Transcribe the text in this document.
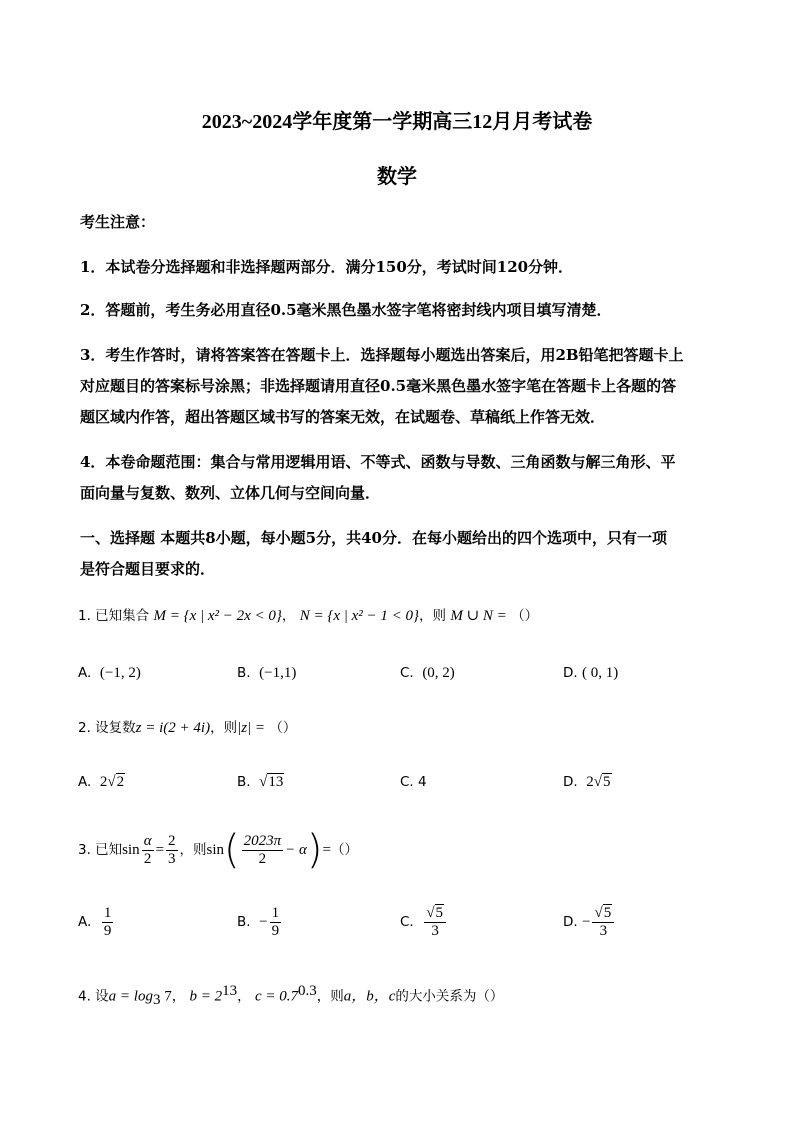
2023~2024学年度第一学期高三12月月考试卷
数学
考生注意：
1．本试卷分选择题和非选择题两部分．满分150分，考试时间120分钟．
2．答题前，考生务必用直径0.5毫米黑色墨水签字笔将密封线内项目填写清楚．
3．考生作答时，请将答案答在答题卡上．选择题每小题选出答案后，用2B铅笔把答题卡上
对应题目的答案标号涂黑；非选择题请用直径0.5毫米黑色墨水签字笔在答题卡上各题的答
题区域内作答，超出答题区域书写的答案无效，在试题卷、草稿纸上作答无效．
4．本卷命题范围：集合与常用逻辑用语、不等式、函数与导数、三角函数与解三角形、平
面向量与复数、数列、立体几何与空间向量．
一、选择题 本题共8小题，每小题5分，共40分．在每小题给出的四个选项中，只有一项
是符合题目要求的．
1. 已知集合 M = {x | x² − 2x < 0}， N = {x | x² − 1 < 0}，则 M ∪ N = （）
A. (−1, 2)	B. (−1,1)	C. (0, 2)	D. ( 0, 1)
2. 设复数z = i(2 + 4i)，则|z| = （）
A. 2√2	B. √13	C. 4	D. 2√5
3. 已知 $\sin \frac{\alpha}{2} = \frac{2}{3}$ ，则 sin ( $\frac{2023\pi}{2} - \alpha$ ) = （）
A.
$\frac{1}{9}$	B.
− $\frac{1}{9}$	C.
$\frac{√5}{3}$	D.
− $\frac{√5}{3}$
4. 设$a = \log_3 7$， $b = 2^{13}$， $c = 0.7^{0.3}$，则a，b，c的大小关系为（）
